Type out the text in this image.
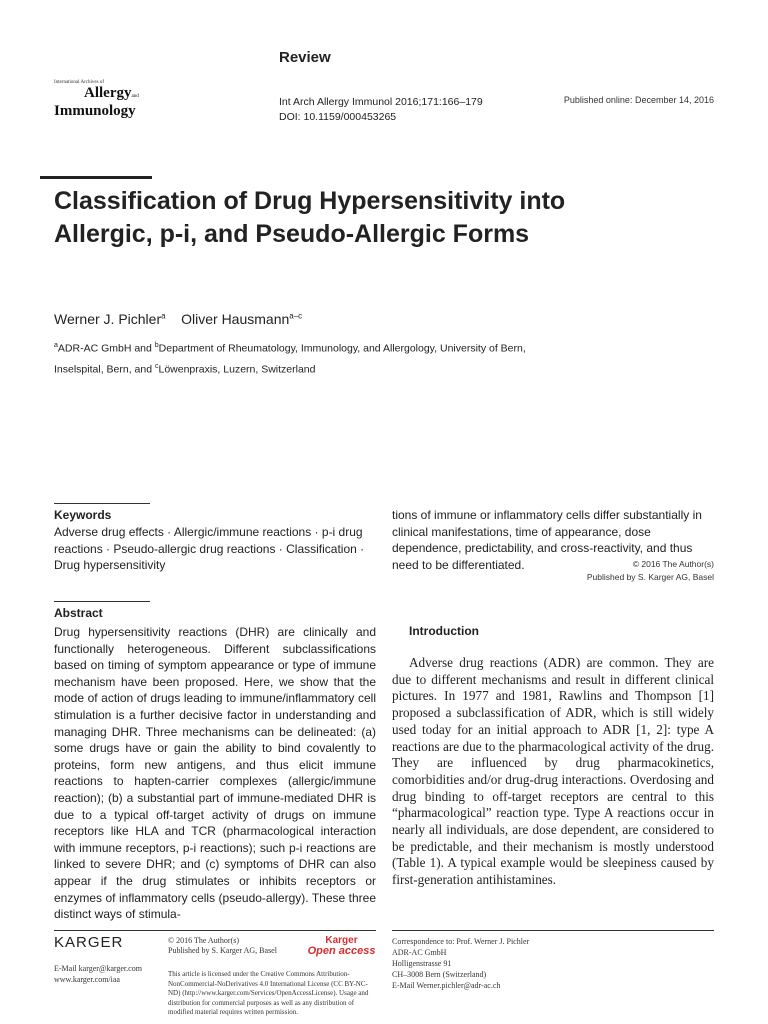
Review
International Archives of
Allergyand
Immunology
Int Arch Allergy Immunol 2016;171:166–179
DOI: 10.1159/000453265
Published online: December 14, 2016
Classification of Drug Hypersensitivity into Allergic, p-i, and Pseudo-Allergic Forms
Werner J. Pichler$^a$ Oliver Hausmann$^{a-c}$
$^a$ADR-AC GmbH and $^b$Department of Rheumatology, Immunology, and Allergology, University of Bern,
Inselspital, Bern, and $^c$Löwenpraxis, Luzern, Switzerland
Keywords
Adverse drug effects · Allergic/immune reactions · p-i drug reactions · Pseudo-allergic drug reactions · Classification · Drug hypersensitivity
Abstract

Drug hypersensitivity reactions (DHR) are clinically and functionally heterogeneous. Different subclassifications based on timing of symptom appearance or type of immune mechanism have been proposed. Here, we show that the mode of action of drugs leading to immune/inflammatory cell stimulation is a further decisive factor in understanding and managing DHR. Three mechanisms can be delineated: (a) some drugs have or gain the ability to bind covalently to proteins, form new antigens, and thus elicit immune reactions to hapten-carrier complexes (allergic/immune reaction); (b) a substantial part of immune-mediated DHR is due to a typical off-target activity of drugs on immune receptors like HLA and TCR (pharmacological interaction with immune receptors, p-i reactions); such p-i reactions are linked to severe DHR; and (c) symptoms of DHR can also appear if the drug stimulates or inhibits receptors or enzymes of inflammatory cells (pseudo-allergy). These three distinct ways of stimula-

tions of immune or inflammatory cells differ substantially in clinical manifestations, time of appearance, dose dependence, predictability, and cross-reactivity, and thus need to be differentiated.	© 2016 The Author(s)
Published by S. Karger AG, Basel
Introduction

Adverse drug reactions (ADR) are common. They are due to different mechanisms and result in different clinical pictures. In 1977 and 1981, Rawlins and Thompson [1] proposed a subclassification of ADR, which is still widely used today for an initial approach to ADR [1, 2]: type A reactions are due to the pharmacological activity of the drug. They are influenced by drug pharmacokinetics, comorbidities and/or drug-drug interactions. Overdosing and drug binding to off-target receptors are central to this “pharmacological” reaction type. Type A reactions occur in nearly all individuals, are dose dependent, are considered to be predictable, and their mechanism is mostly understood (Table 1). A typical example would be sleepiness caused by first-generation antihistamines.

KARGER
E-Mail karger@karger.com
www.karger.com/iaa
© 2016 The Author(s)
Published by S. Karger AG, Basel
Karger
Open access
This article is licensed under the Creative Commons Attribution-NonCommercial-NoDerivatives 4.0 International License (CC BY-NC-ND) (http://www.karger.com/Services/OpenAccessLicense). Usage and distribution for commercial purposes as well as any distribution of modified material requires written permission.
Correspondence to: Prof. Werner J. Pichler
ADR-AC GmbH
Holligenstrasse 91
CH–3008 Bern (Switzerland)
E-Mail Werner.pichler@adr-ac.ch
